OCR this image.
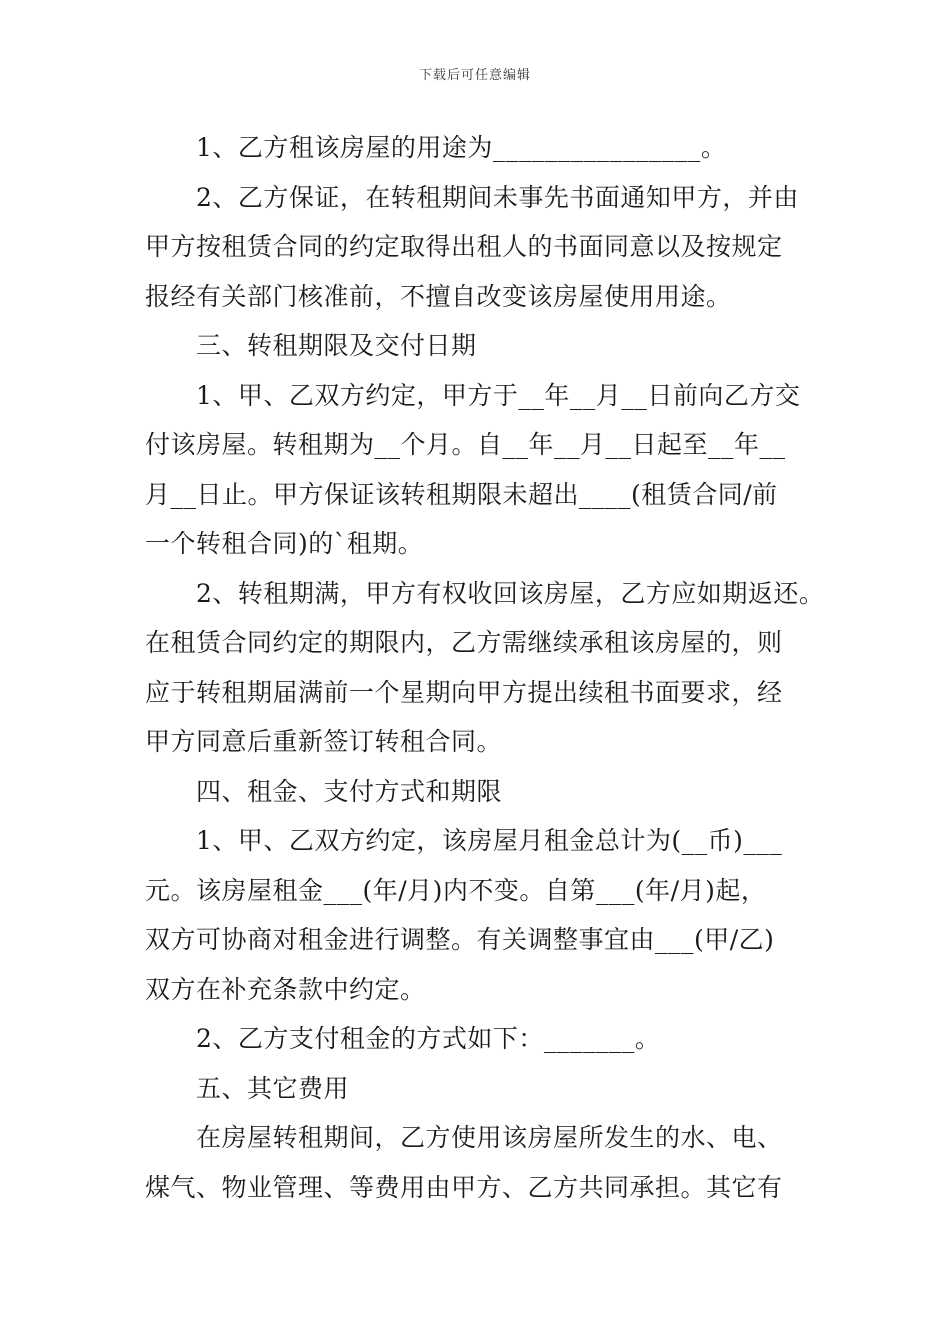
下载后可任意编辑
　　1、乙方租该房屋的用途为________________。
　　2、乙方保证，在转租期间未事先书面通知甲方，并由
甲方按租赁合同的约定取得出租人的书面同意以及按规定
报经有关部门核准前，不擅自改变该房屋使用用途。
　　三、转租期限及交付日期
　　1、甲、乙双方约定，甲方于__年__月__日前向乙方交
付该房屋。转租期为__个月。自__年__月__日起至__年__
月__日止。甲方保证该转租期限未超出____(租赁合同/前
一个转租合同)的`租期。
　　2、转租期满，甲方有权收回该房屋，乙方应如期返还。
在租赁合同约定的期限内，乙方需继续承租该房屋的，则
应于转租期届满前一个星期向甲方提出续租书面要求，经
甲方同意后重新签订转租合同。
　　四、租金、支付方式和期限
　　1、甲、乙双方约定，该房屋月租金总计为(__币)___
元。该房屋租金___(年/月)内不变。自第___(年/月)起，
双方可协商对租金进行调整。有关调整事宜由___(甲/乙)
双方在补充条款中约定。
　　2、乙方支付租金的方式如下：_______。
　　五、其它费用
　　在房屋转租期间，乙方使用该房屋所发生的水、电、
煤气、物业管理、等费用由甲方、乙方共同承担。其它有
